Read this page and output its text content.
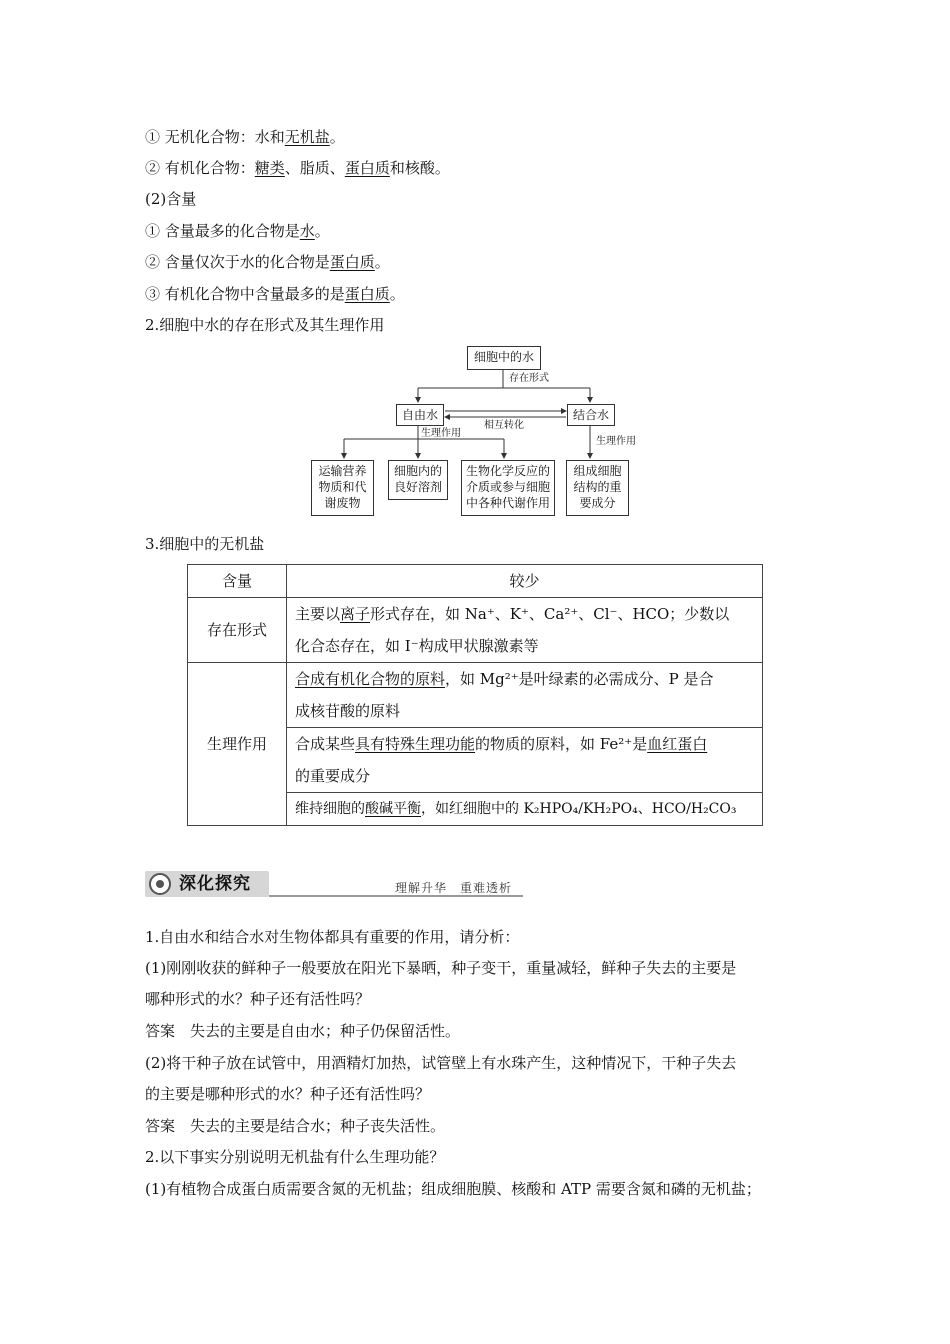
① 无机化合物：水和无机盐。
② 有机化合物：糖类、脂质、蛋白质和核酸。
(2)含量
① 含量最多的化合物是水。
② 含量仅次于水的化合物是蛋白质。
③ 有机化合物中含量最多的是蛋白质。
2.细胞中水的存在形式及其生理作用
细胞中的水
存在形式
自由水	结合水
相互转化
生理作用
生理作用
运输营养物质和代谢废物
细胞内的良好溶剂
生物化学反应的介质或参与细胞中各种代谢作用
组成细胞结构的重要成分
3.细胞中的无机盐
含量	较少
存在形式	主要以离子形式存在，如 Na⁺、K⁺、Ca²⁺、Cl⁻、HCO；少数以
化合态存在，如 I⁻构成甲状腺激素等
生理作用	合成有机化合物的原料，如 Mg²⁺是叶绿素的必需成分、P 是合
成核苷酸的原料
	合成某些具有特殊生理功能的物质的原料，如 Fe²⁺是血红蛋白
的重要成分
	维持细胞的酸碱平衡，如红细胞中的 K₂HPO₄/KH₂PO₄、HCO/H₂CO₃
深化探究	理解升华　重难透析
1.自由水和结合水对生物体都具有重要的作用，请分析：
(1)刚刚收获的鲜种子一般要放在阳光下暴晒，种子变干，重量减轻，鲜种子失去的主要是
哪种形式的水？种子还有活性吗？
答案　失去的主要是自由水；种子仍保留活性。
(2)将干种子放在试管中，用酒精灯加热，试管壁上有水珠产生，这种情况下，干种子失去
的主要是哪种形式的水？种子还有活性吗？
答案　失去的主要是结合水；种子丧失活性。
2.以下事实分别说明无机盐有什么生理功能？
(1)有植物合成蛋白质需要含氮的无机盐；组成细胞膜、核酸和 ATP 需要含氮和磷的无机盐；
